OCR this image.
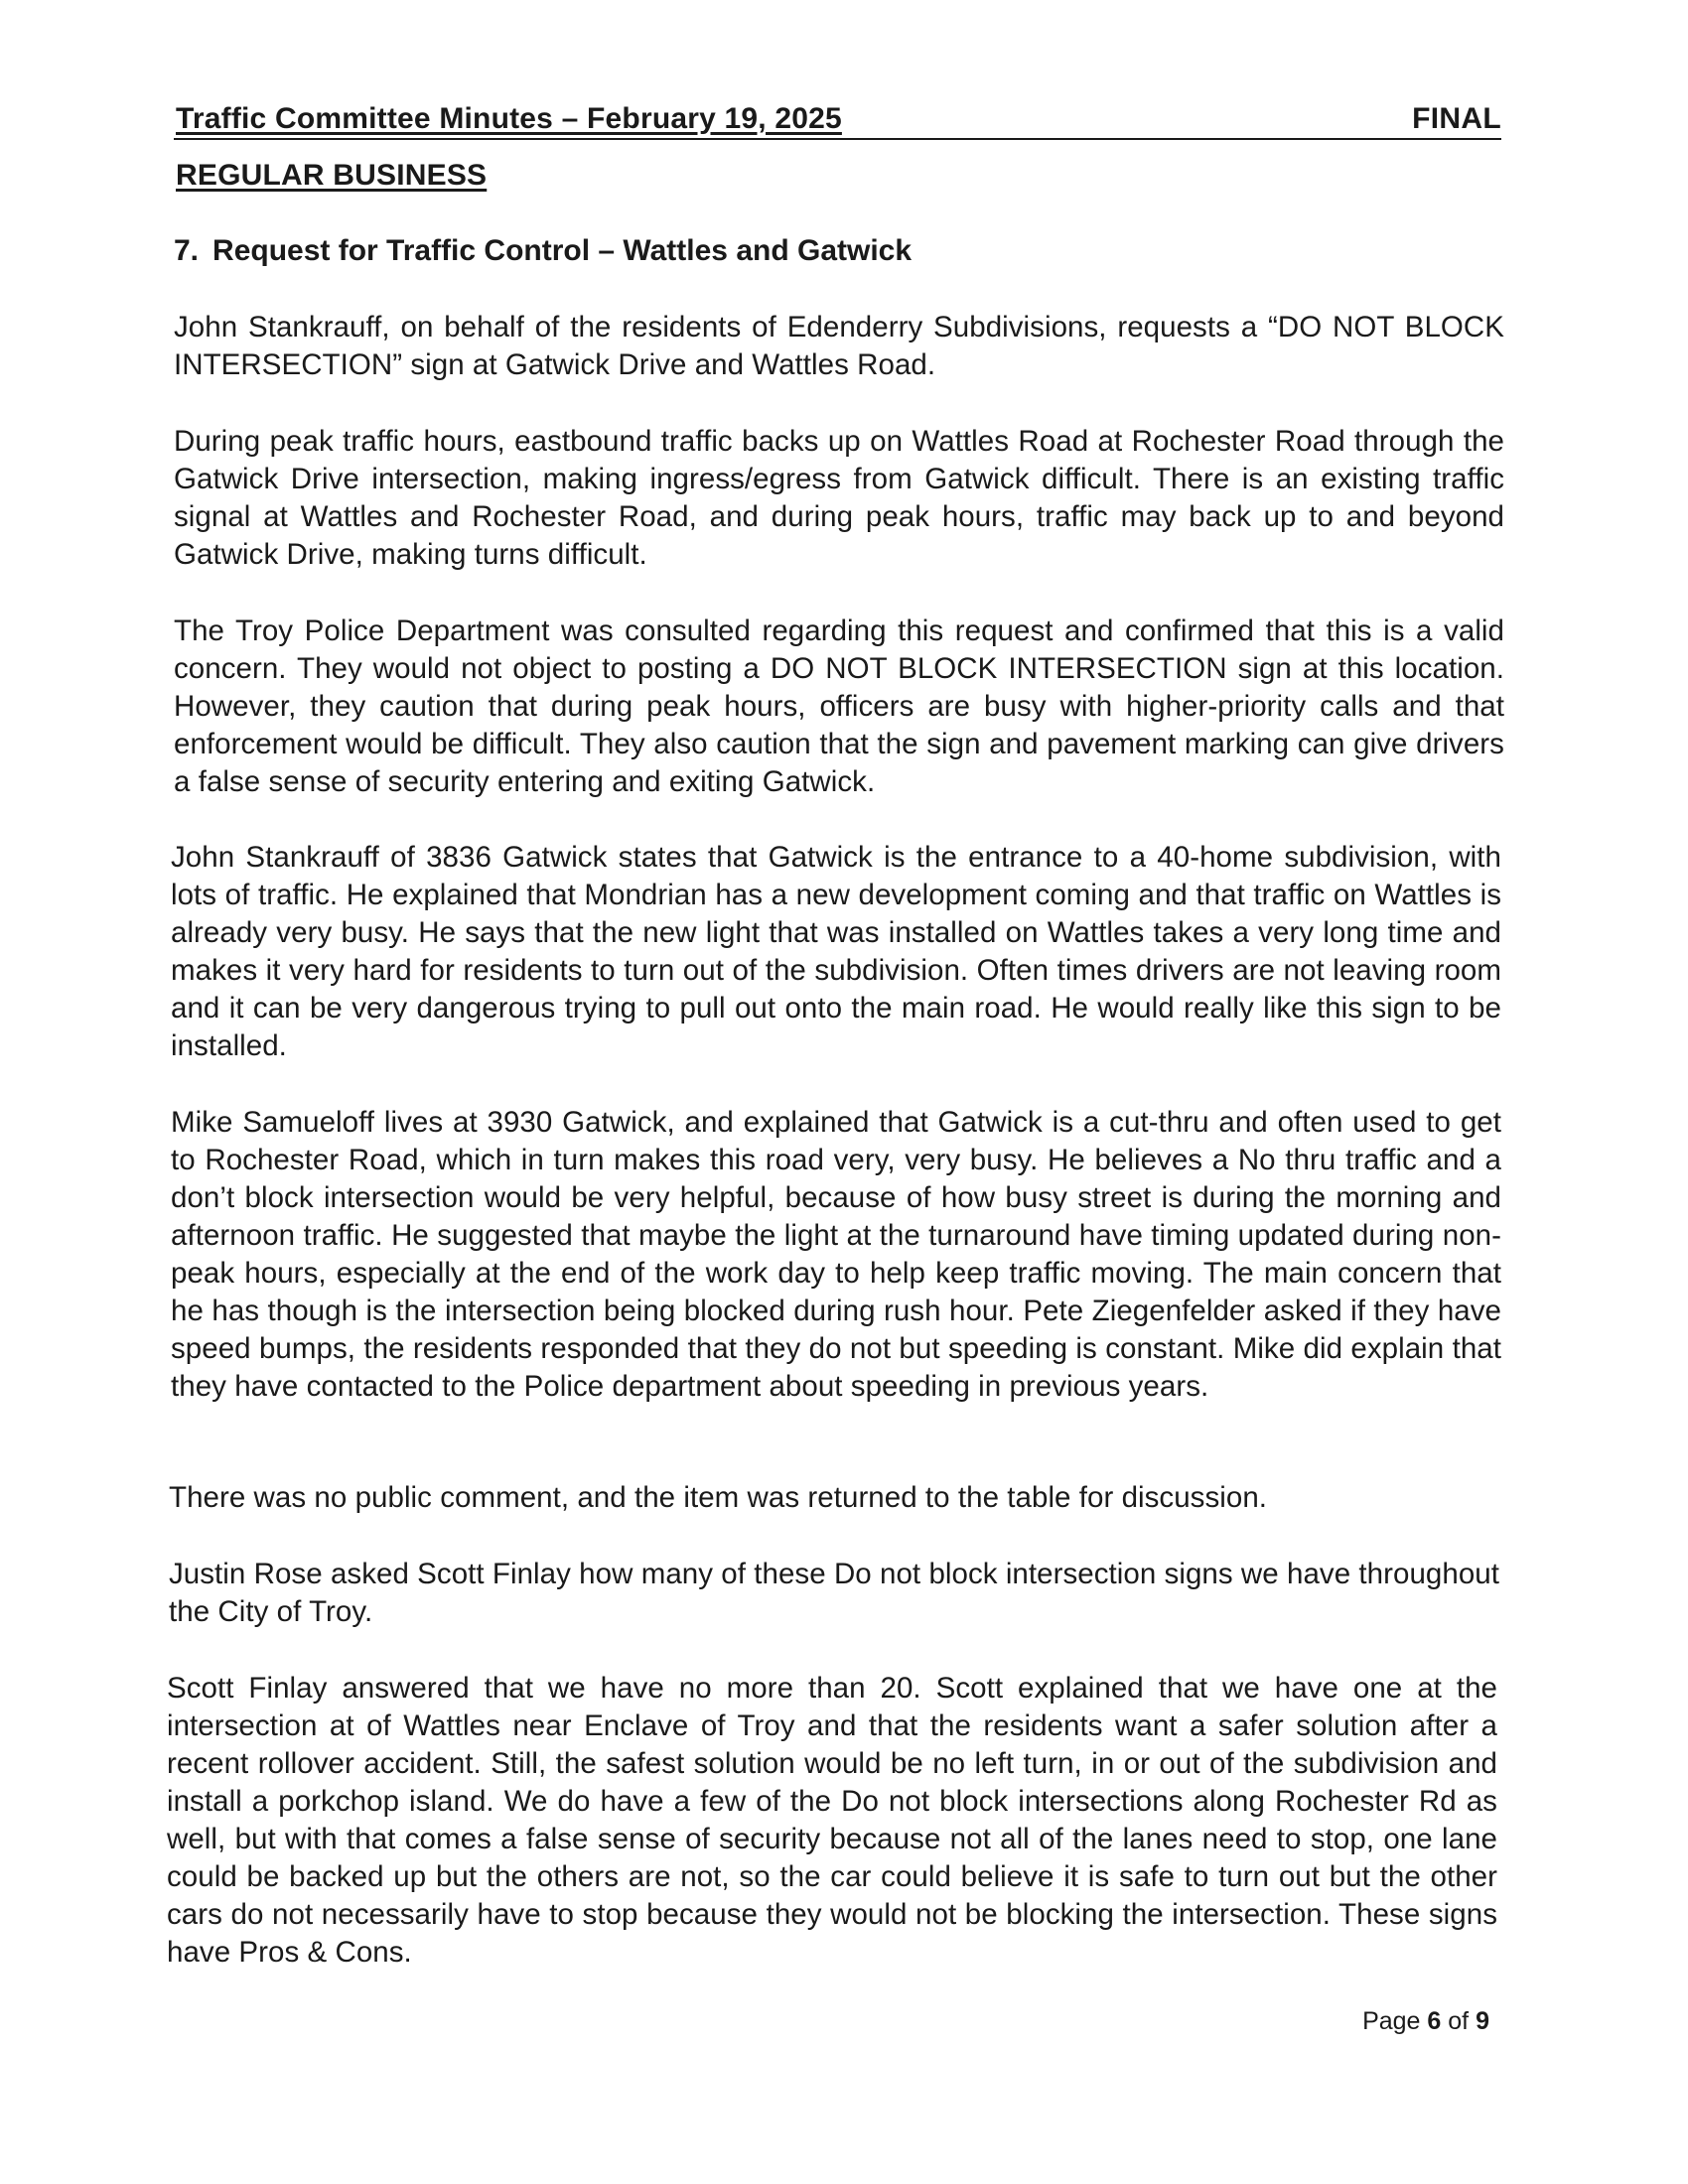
Traffic Committee Minutes – February 19, 2025	FINAL
REGULAR BUSINESS
7. Request for Traffic Control – Wattles and Gatwick

John Stankrauff, on behalf of the residents of Edenderry Subdivisions, requests a “DO NOT BLOCK INTERSECTION” sign at Gatwick Drive and Wattles Road.

During peak traffic hours, eastbound traffic backs up on Wattles Road at Rochester Road through the Gatwick Drive intersection, making ingress/egress from Gatwick difficult. There is an existing traffic signal at Wattles and Rochester Road, and during peak hours, traffic may back up to and beyond Gatwick Drive, making turns difficult.

The Troy Police Department was consulted regarding this request and confirmed that this is a valid concern. They would not object to posting a DO NOT BLOCK INTERSECTION sign at this location. However, they caution that during peak hours, officers are busy with higher-priority calls and that enforcement would be difficult. They also caution that the sign and pavement marking can give drivers a false sense of security entering and exiting Gatwick.

John Stankrauff of 3836 Gatwick states that Gatwick is the entrance to a 40-home subdivision, with lots of traffic. He explained that Mondrian has a new development coming and that traffic on Wattles is already very busy. He says that the new light that was installed on Wattles takes a very long time and makes it very hard for residents to turn out of the subdivision. Often times drivers are not leaving room and it can be very dangerous trying to pull out onto the main road. He would really like this sign to be installed.

Mike Samueloff lives at 3930 Gatwick, and explained that Gatwick is a cut-thru and often used to get to Rochester Road, which in turn makes this road very, very busy. He believes a No thru traffic and a don’t block intersection would be very helpful, because of how busy street is during the morning and afternoon traffic. He suggested that maybe the light at the turnaround have timing updated during non-peak hours, especially at the end of the work day to help keep traffic moving. The main concern that he has though is the intersection being blocked during rush hour. Pete Ziegenfelder asked if they have speed bumps, the residents responded that they do not but speeding is constant. Mike did explain that they have contacted to the Police department about speeding in previous years.

There was no public comment, and the item was returned to the table for discussion.

Justin Rose asked Scott Finlay how many of these Do not block intersection signs we have throughout the City of Troy.

Scott Finlay answered that we have no more than 20. Scott explained that we have one at the intersection at of Wattles near Enclave of Troy and that the residents want a safer solution after a recent rollover accident. Still, the safest solution would be no left turn, in or out of the subdivision and install a porkchop island. We do have a few of the Do not block intersections along Rochester Rd as well, but with that comes a false sense of security because not all of the lanes need to stop, one lane could be backed up but the others are not, so the car could believe it is safe to turn out but the other cars do not necessarily have to stop because they would not be blocking the intersection. These signs have Pros & Cons.

Page 6 of 9
